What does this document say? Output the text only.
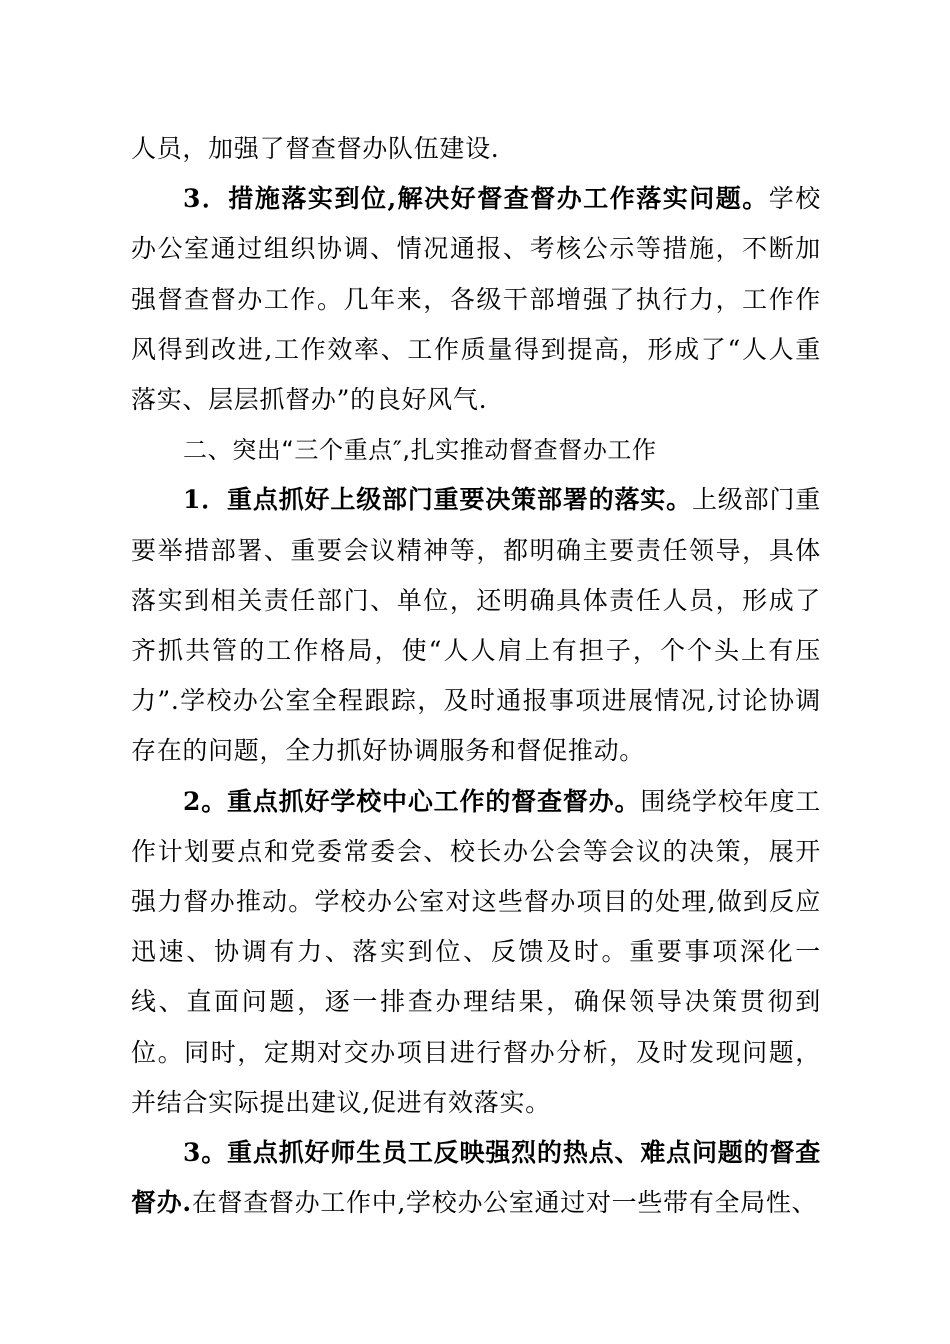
人员，加强了督查督办队伍建设.

3．措施落实到位,解决好督查督办工作落实问题。学校办公室通过组织协调、情况通报、考核公示等措施，不断加强督查督办工作。几年来，各级干部增强了执行力，工作作风得到改进,工作效率、工作质量得到提高，形成了“人人重落实、层层抓督办”的良好风气.

二、突出“三个重点″,扎实推动督查督办工作

1．重点抓好上级部门重要决策部署的落实。上级部门重要举措部署、重要会议精神等，都明确主要责任领导，具体落实到相关责任部门、单位，还明确具体责任人员，形成了齐抓共管的工作格局，使“人人肩上有担子，个个头上有压力”.学校办公室全程跟踪，及时通报事项进展情况,讨论协调存在的问题，全力抓好协调服务和督促推动。

2。重点抓好学校中心工作的督查督办。围绕学校年度工作计划要点和党委常委会、校长办公会等会议的决策，展开强力督办推动。学校办公室对这些督办项目的处理,做到反应迅速、协调有力、落实到位、反馈及时。重要事项深化一线、直面问题，逐一排查办理结果，确保领导决策贯彻到位。同时，定期对交办项目进行督办分析，及时发现问题，并结合实际提出建议,促进有效落实。

3。重点抓好师生员工反映强烈的热点、难点问题的督查督办.在督查督办工作中,学校办公室通过对一些带有全局性、
